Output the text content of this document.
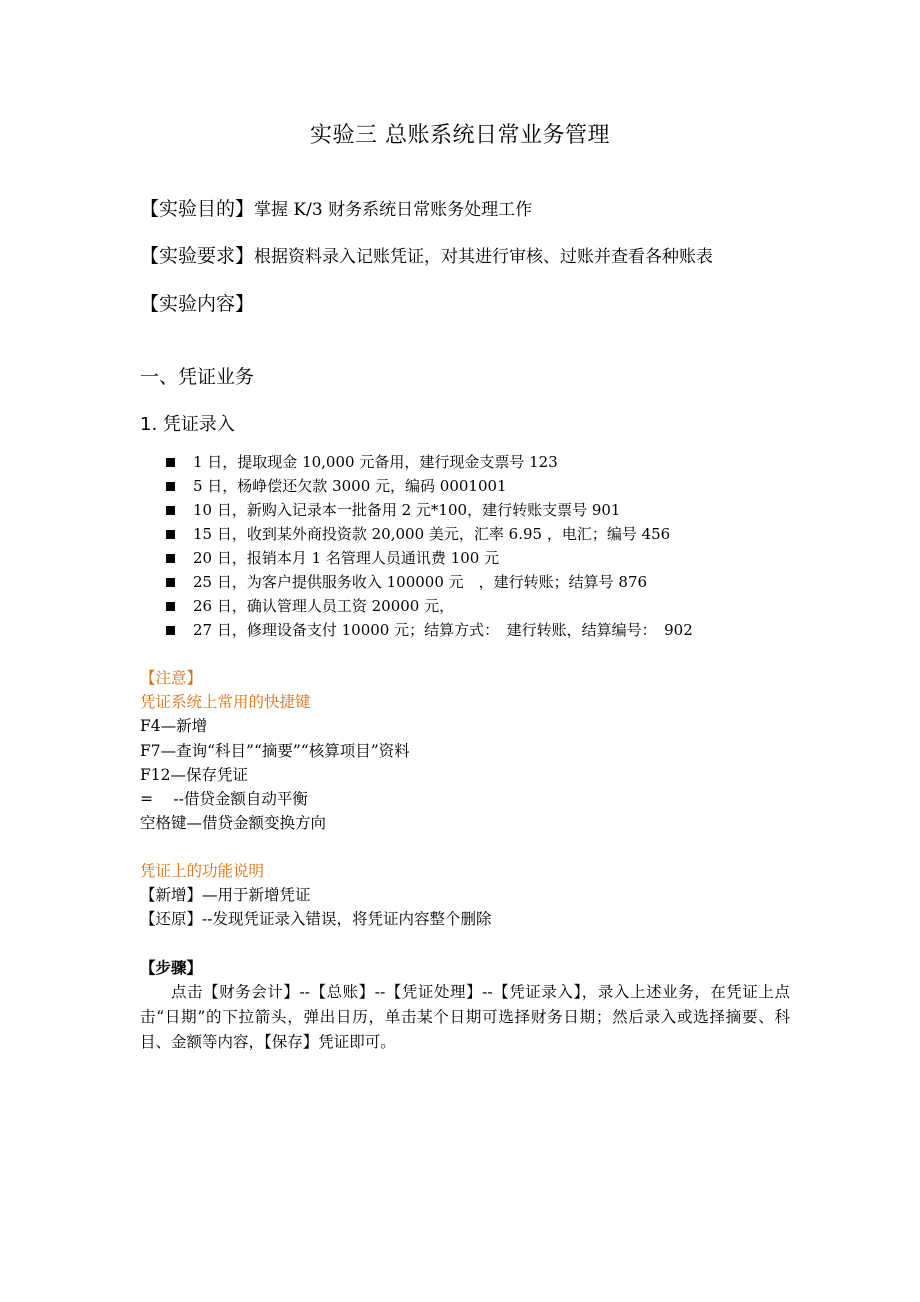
实验三 总账系统日常业务管理
【实验目的】掌握 K/3 财务系统日常账务处理工作
【实验要求】根据资料录入记账凭证，对其进行审核、过账并查看各种账表
【实验内容】
一、凭证业务
1. 凭证录入
1 日，提取现金 10,000 元备用，建行现金支票号 123
5 日，杨峥偿还欠款 3000 元，编码 0001001
10 日，新购入记录本一批备用 2 元*100，建行转账支票号 901
15 日，收到某外商投资款 20,000 美元，汇率 6.95 ，电汇；编号 456
20 日，报销本月 1 名管理人员通讯费 100 元
25 日，为客户提供服务收入 100000 元　，建行转账；结算号 876
26 日，确认管理人员工资 20000 元，
27 日，修理设备支付 10000 元；结算方式：　建行转账，结算编号：　902
【注意】
凭证系统上常用的快捷键
F4—新增
F7—查询“科目”“摘要”“核算项目”资料
F12—保存凭证
=　 --借贷金额自动平衡
空格键—借贷金额变换方向
凭证上的功能说明
【新增】—用于新增凭证
【还原】--发现凭证录入错误，将凭证内容整个删除
【步骤】
点击【财务会计】--【总账】--【凭证处理】--【凭证录入】，录入上述业务，在凭证上点击“日期”的下拉箭头，弹出日历，单击某个日期可选择财务日期；然后录入或选择摘要、科目、金额等内容，【保存】凭证即可。
